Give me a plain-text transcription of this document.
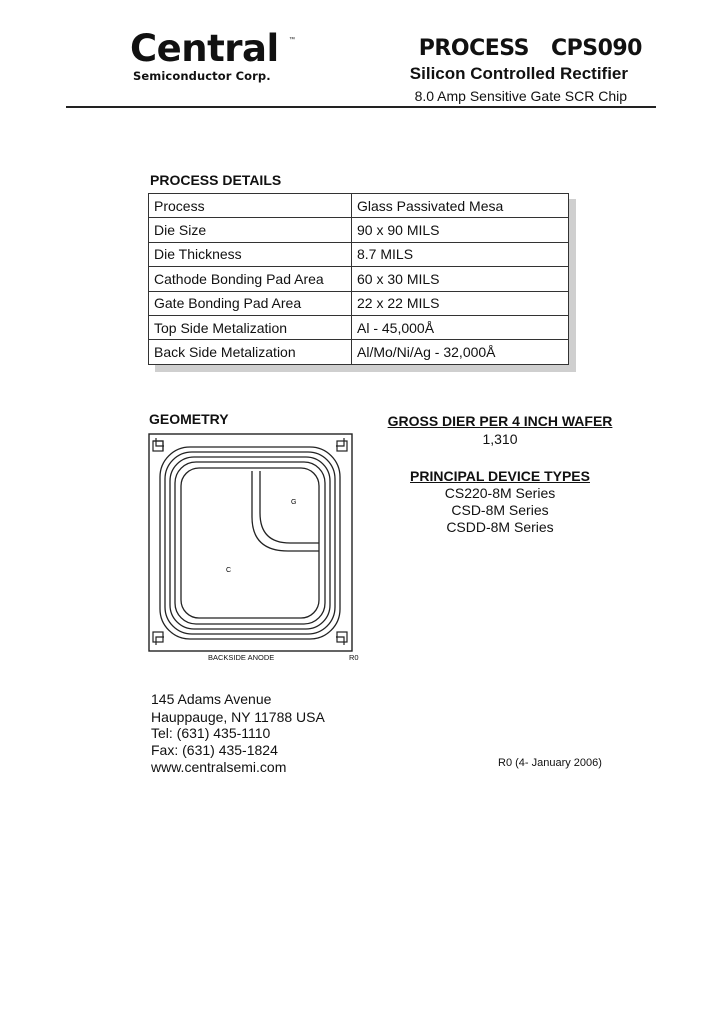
Central ™
Semiconductor Corp.
PROCESS CPS090
Silicon Controlled Rectifier
8.0 Amp Sensitive Gate SCR Chip
PROCESS DETAILS
Process	Glass Passivated Mesa
Die Size	90 x 90 MILS
Die Thickness	8.7 MILS
Cathode Bonding Pad Area	60 x 30 MILS
Gate Bonding Pad Area	22 x 22 MILS
Top Side Metalization	Al - 45,000Å
Back Side Metalization	Al/Mo/Ni/Ag - 32,000Å
GEOMETRY
G
C
BACKSIDE ANODE	R0
GROSS DIER PER 4 INCH WAFER
1,310
PRINCIPAL DEVICE TYPES
CS220-8M Series
CSD-8M Series
CSDD-8M Series
145 Adams Avenue
Hauppauge, NY 11788 USA
Tel: (631) 435-1110
Fax: (631) 435-1824
www.centralsemi.com	R0 (4- January 2006)
